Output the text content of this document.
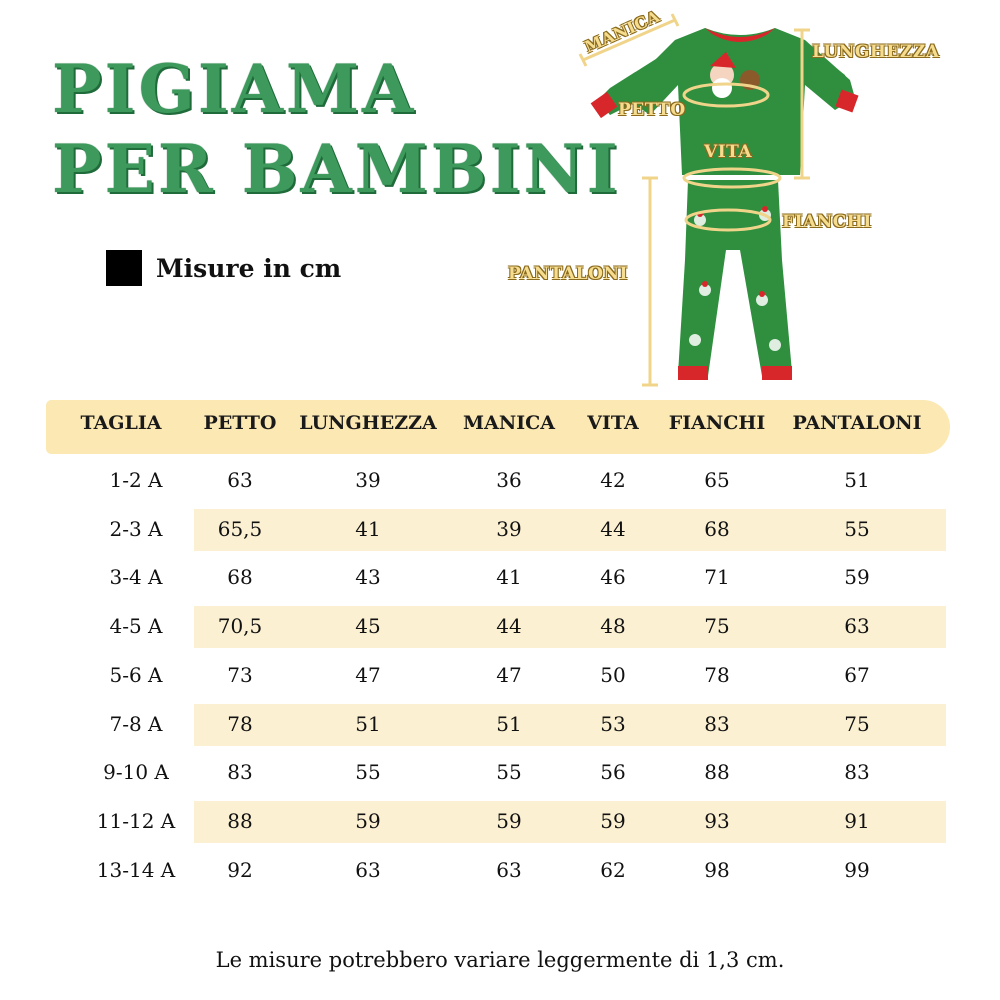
PIGIAMA
PER BAMBINI
Misure in cm
MANICA	LUNGHEZZA
PETTO
VITA
FIANCHI
PANTALONI
TAGLIA	PETTO	LUNGHEZZA	MANICA	VITA	FIANCHI	PANTALONI
1-2 A	63	39	36	42	65	51
2-3 A	65,5	41	39	44	68	55
3-4 A	68	43	41	46	71	59
4-5 A	70,5	45	44	48	75	63
5-6 A	73	47	47	50	78	67
7-8 A	78	51	51	53	83	75
9-10 A	83	55	55	56	88	83
11-12 A	88	59	59	59	93	91
13-14 A	92	63	63	62	98	99
Le misure potrebbero variare leggermente di 1,3 cm.
